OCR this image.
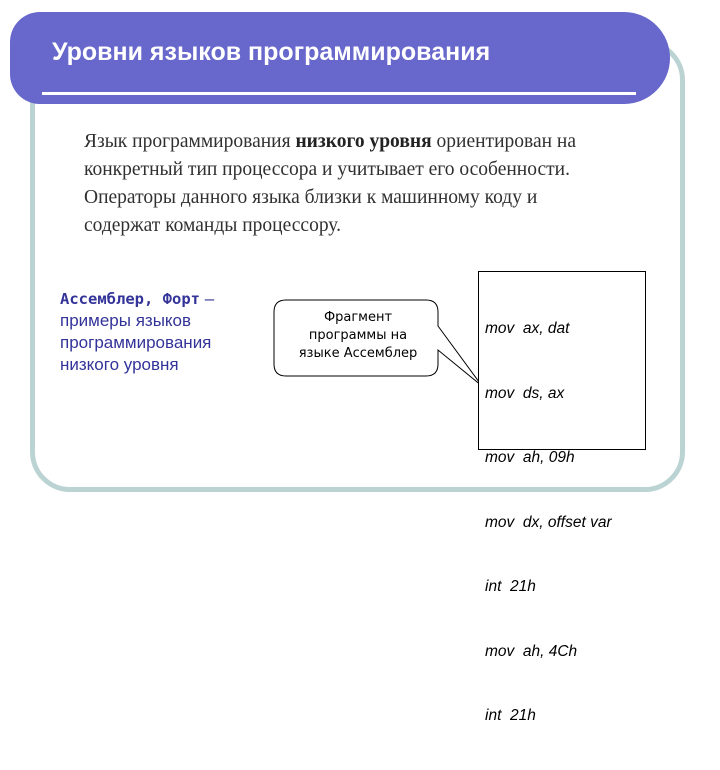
Уровни языков программирования
Язык программирования низкого уровня ориентирован на
конкретный тип процессора и учитывает его особенности.
Операторы данного языка близки к машинному коду и
содержат команды процессору.
Ассемблер, Форт –
примеры языков программирования низкого уровня
Фрагмент
программы на
языке Ассемблер

mov  ax, dat

mov  ds, ax

mov  ah, 09h

mov  dx, offset var

int  21h

mov  ah, 4Ch

int  21h
